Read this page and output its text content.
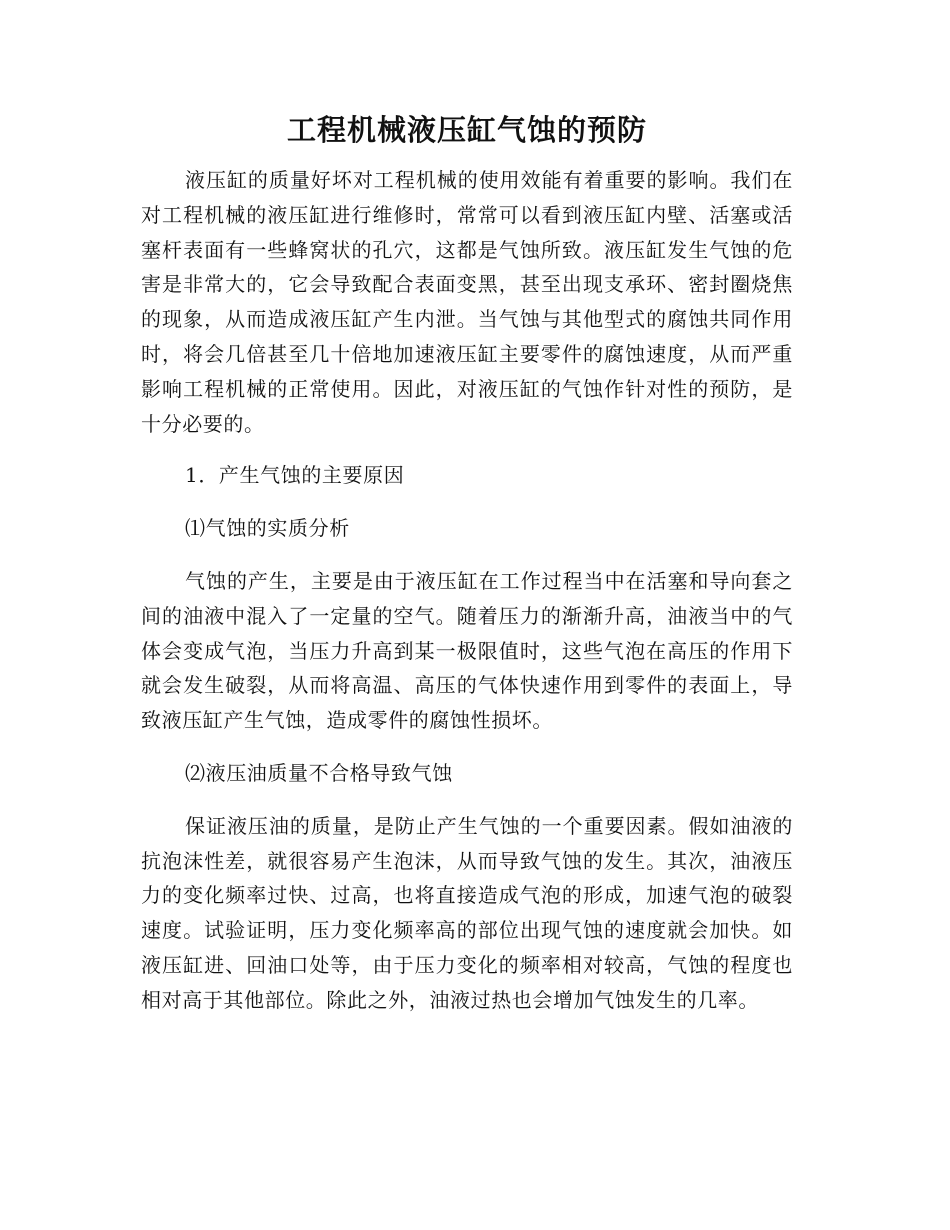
工程机械液压缸气蚀的预防

液压缸的质量好坏对工程机械的使用效能有着重要的影响。我们在对工程机械的液压缸进行维修时，常常可以看到液压缸内壁、活塞或活塞杆表面有一些蜂窝状的孔穴，这都是气蚀所致。液压缸发生气蚀的危害是非常大的，它会导致配合表面变黑，甚至出现支承环、密封圈烧焦的现象，从而造成液压缸产生内泄。当气蚀与其他型式的腐蚀共同作用时，将会几倍甚至几十倍地加速液压缸主要零件的腐蚀速度，从而严重影响工程机械的正常使用。因此，对液压缸的气蚀作针对性的预防，是十分必要的。

1．产生气蚀的主要原因

⑴气蚀的实质分析

气蚀的产生，主要是由于液压缸在工作过程当中在活塞和导向套之间的油液中混入了一定量的空气。随着压力的渐渐升高，油液当中的气体会变成气泡，当压力升高到某一极限值时，这些气泡在高压的作用下就会发生破裂，从而将高温、高压的气体快速作用到零件的表面上，导致液压缸产生气蚀，造成零件的腐蚀性损坏。

⑵液压油质量不合格导致气蚀

保证液压油的质量，是防止产生气蚀的一个重要因素。假如油液的抗泡沫性差，就很容易产生泡沫，从而导致气蚀的发生。其次，油液压力的变化频率过快、过高，也将直接造成气泡的形成，加速气泡的破裂速度。试验证明，压力变化频率高的部位出现气蚀的速度就会加快。如液压缸进、回油口处等，由于压力变化的频率相对较高，气蚀的程度也相对高于其他部位。除此之外，油液过热也会增加气蚀发生的几率。
